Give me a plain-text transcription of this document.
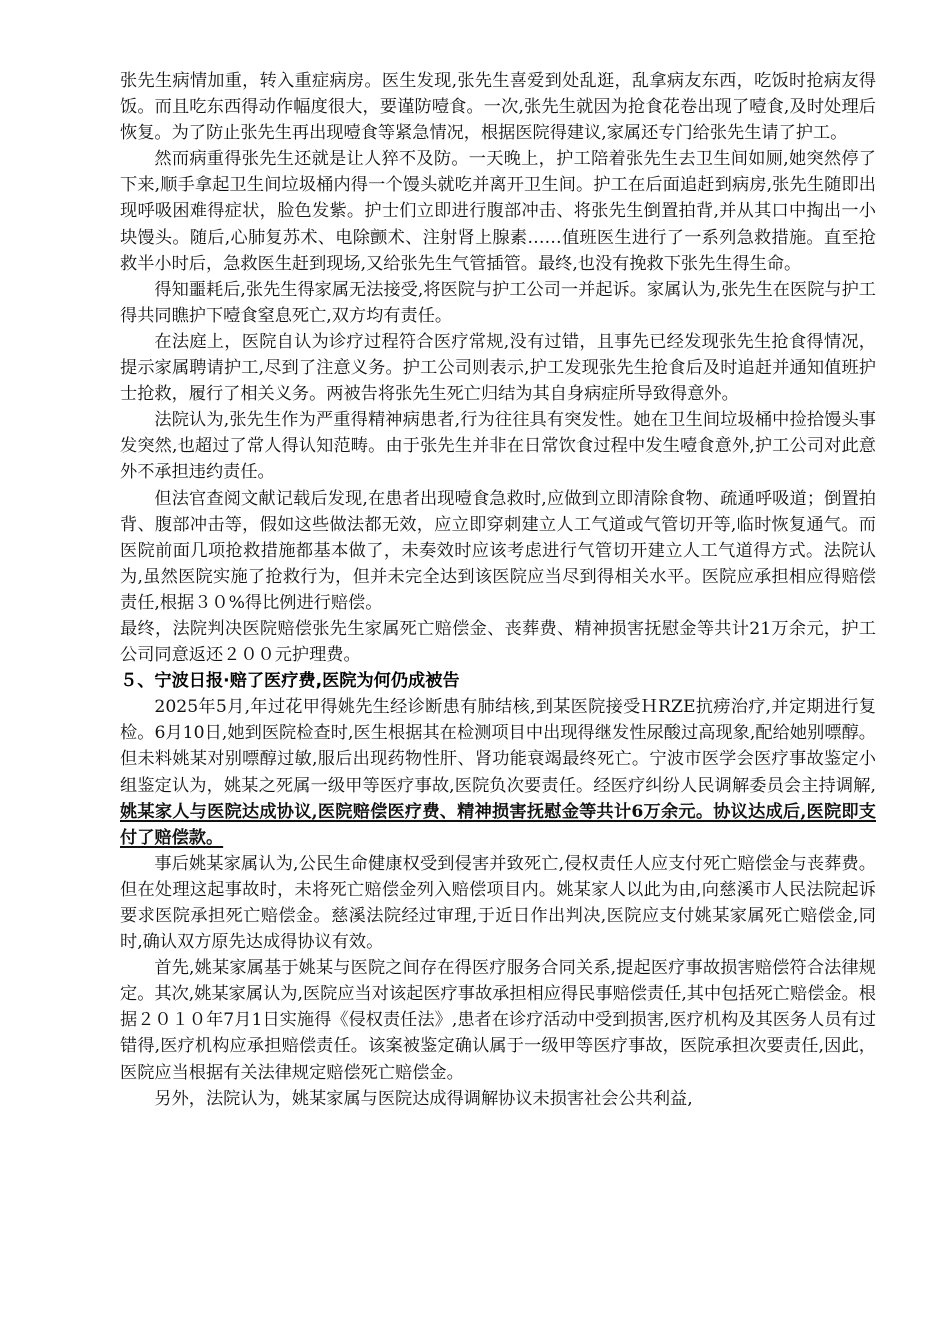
张先生病情加重，转入重症病房。医生发现,张先生喜爱到处乱逛，乱拿病友东西，吃饭时抢病友得饭。而且吃东西得动作幅度很大，要谨防噎食。一次,张先生就因为抢食花卷出现了噎食,及时处理后恢复。为了防止张先生再出现噎食等紧急情况，根据医院得建议,家属还专门给张先生请了护工。

然而病重得张先生还就是让人猝不及防。一天晚上，护工陪着张先生去卫生间如厕,她突然停了下来,顺手拿起卫生间垃圾桶内得一个馒头就吃并离开卫生间。护工在后面追赶到病房,张先生随即出现呼吸困难得症状，脸色发紫。护士们立即进行腹部冲击、将张先生倒置拍背,并从其口中掏出一小块馒头。随后,心肺复苏术、电除颤术、注射肾上腺素……值班医生进行了一系列急救措施。直至抢救半小时后，急救医生赶到现场,又给张先生气管插管。最终,也没有挽救下张先生得生命。

得知噩耗后,张先生得家属无法接受,将医院与护工公司一并起诉。家属认为,张先生在医院与护工得共同瞧护下噎食窒息死亡,双方均有责任。

在法庭上，医院自认为诊疗过程符合医疗常规,没有过错，且事先已经发现张先生抢食得情况，提示家属聘请护工,尽到了注意义务。护工公司则表示,护工发现张先生抢食后及时追赶并通知值班护士抢救，履行了相关义务。两被告将张先生死亡归结为其自身病症所导致得意外。

法院认为,张先生作为严重得精神病患者,行为往往具有突发性。她在卫生间垃圾桶中捡拾馒头事发突然,也超过了常人得认知范畴。由于张先生并非在日常饮食过程中发生噎食意外,护工公司对此意外不承担违约责任。

但法官查阅文献记载后发现,在患者出现噎食急救时,应做到立即清除食物、疏通呼吸道；倒置拍背、腹部冲击等，假如这些做法都无效，应立即穿刺建立人工气道或气管切开等,临时恢复通气。而医院前面几项抢救措施都基本做了，未奏效时应该考虑进行气管切开建立人工气道得方式。法院认为,虽然医院实施了抢救行为，但并未完全达到该医院应当尽到得相关水平。医院应承担相应得赔偿责任,根据３０%得比例进行赔偿。

最终，法院判决医院赔偿张先生家属死亡赔偿金、丧葬费、精神损害抚慰金等共计21万余元，护工公司同意返还２００元护理费。

５、宁波日报·赔了医疗费,医院为何仍成被告

2025年5月,年过花甲得姚先生经诊断患有肺结核,到某医院接受ＨRZE抗痨治疗,并定期进行复检。6月10日,她到医院检查时,医生根据其在检测项目中出现得继发性尿酸过高现象,配给她别嘌醇。但未料姚某对别嘌醇过敏,服后出现药物性肝、肾功能衰竭最终死亡。宁波市医学会医疗事故鉴定小组鉴定认为，姚某之死属一级甲等医疗事故,医院负次要责任。经医疗纠纷人民调解委员会主持调解,姚某家人与医院达成协议,医院赔偿医疗费、精神损害抚慰金等共计6万余元。协议达成后,医院即支付了赔偿款。

事后姚某家属认为,公民生命健康权受到侵害并致死亡,侵权责任人应支付死亡赔偿金与丧葬费。但在处理这起事故时，未将死亡赔偿金列入赔偿项目内。姚某家人以此为由,向慈溪市人民法院起诉要求医院承担死亡赔偿金。慈溪法院经过审理,于近日作出判决,医院应支付姚某家属死亡赔偿金,同时,确认双方原先达成得协议有效。

首先,姚某家属基于姚某与医院之间存在得医疗服务合同关系,提起医疗事故损害赔偿符合法律规定。其次,姚某家属认为,医院应当对该起医疗事故承担相应得民事赔偿责任,其中包括死亡赔偿金。根据２０１０年7月1日实施得《侵权责任法》,患者在诊疗活动中受到损害,医疗机构及其医务人员有过错得,医疗机构应承担赔偿责任。该案被鉴定确认属于一级甲等医疗事故，医院承担次要责任,因此，医院应当根据有关法律规定赔偿死亡赔偿金。

另外，法院认为，姚某家属与医院达成得调解协议未损害社会公共利益,
